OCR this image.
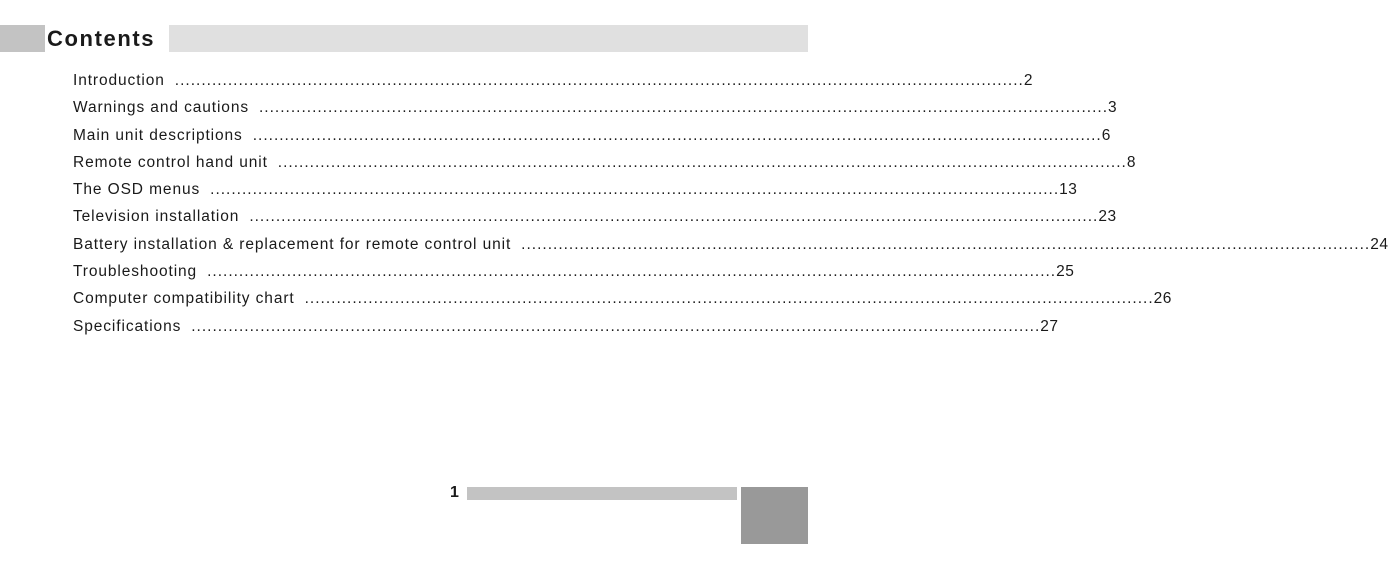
Contents
Introduction ................................................................................................................................................................ 2
Warnings and cautions ................................................................................................................................................................ 3
Main unit descriptions ................................................................................................................................................................ 6
Remote control hand unit ................................................................................................................................................................ 8
The OSD menus ................................................................................................................................................................ 13
Television installation ................................................................................................................................................................ 23
Battery installation & replacement for remote control unit ................................................................................................................................................................ 24
Troubleshooting ................................................................................................................................................................ 25
Computer compatibility chart ................................................................................................................................................................ 26
Specifications ................................................................................................................................................................ 27
1
